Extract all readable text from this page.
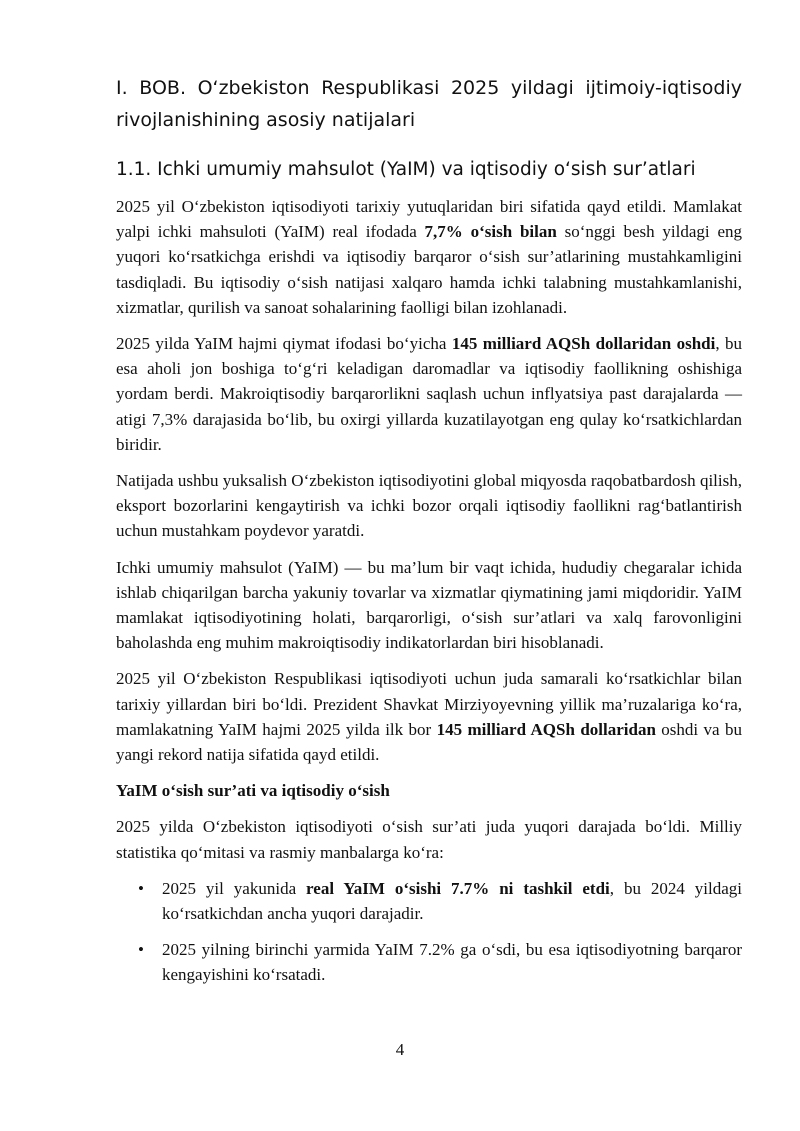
I. BOB. O‘zbekiston Respublikasi 2025 yildagi ijtimoiy-iqtisodiy rivojlanishining asosiy natijalari
1.1. Ichki umumiy mahsulot (YaIM) va iqtisodiy o‘sish sur’atlari

2025 yil O‘zbekiston iqtisodiyoti tarixiy yutuqlaridan biri sifatida qayd etildi. Mamlakat yalpi ichki mahsuloti (YaIM) real ifodada 7,7% o‘sish bilan so‘nggi besh yildagi eng yuqori ko‘rsatkichga erishdi va iqtisodiy barqaror o‘sish sur’atlarining mustahkamligini tasdiqladi. Bu iqtisodiy o‘sish natijasi xalqaro hamda ichki talabning mustahkamlanishi, xizmatlar, qurilish va sanoat sohalarining faolligi bilan izohlanadi.

2025 yilda YaIM hajmi qiymat ifodasi bo‘yicha 145 milliard AQSh dollaridan oshdi, bu esa aholi jon boshiga to‘g‘ri keladigan daromadlar va iqtisodiy faollikning oshishiga yordam berdi. Makroiqtisodiy barqarorlikni saqlash uchun inflyatsiya past darajalarda — atigi 7,3% darajasida bo‘lib, bu oxirgi yillarda kuzatilayotgan eng qulay ko‘rsatkichlardan biridir.

Natijada ushbu yuksalish O‘zbekiston iqtisodiyotini global miqyosda raqobatbardosh qilish, eksport bozorlarini kengaytirish va ichki bozor orqali iqtisodiy faollikni rag‘batlantirish uchun mustahkam poydevor yaratdi.

Ichki umumiy mahsulot (YaIM) — bu ma’lum bir vaqt ichida, hududiy chegaralar ichida ishlab chiqarilgan barcha yakuniy tovarlar va xizmatlar qiymatining jami miqdoridir. YaIM mamlakat iqtisodiyotining holati, barqarorligi, o‘sish sur’atlari va xalq farovonligini baholashda eng muhim makroiqtisodiy indikatorlardan biri hisoblanadi.

2025 yil O‘zbekiston Respublikasi iqtisodiyoti uchun juda samarali ko‘rsatkichlar bilan tarixiy yillardan biri bo‘ldi. Prezident Shavkat Mirziyoyevning yillik ma’ruzalariga ko‘ra, mamlakatning YaIM hajmi 2025 yilda ilk bor 145 milliard AQSh dollaridan oshdi va bu yangi rekord natija sifatida qayd etildi.

YaIM o‘sish sur’ati va iqtisodiy o‘sish

2025 yilda O‘zbekiston iqtisodiyoti o‘sish sur’ati juda yuqori darajada bo‘ldi. Milliy statistika qo‘mitasi va rasmiy manbalarga ko‘ra:

• 2025 yil yakunida real YaIM o‘sishi 7.7% ni tashkil etdi, bu 2024 yildagi ko‘rsatkichdan ancha yuqori darajadir.
• 2025 yilning birinchi yarmida YaIM 7.2% ga o‘sdi, bu esa iqtisodiyotning barqaror kengayishini ko‘rsatadi.
4
